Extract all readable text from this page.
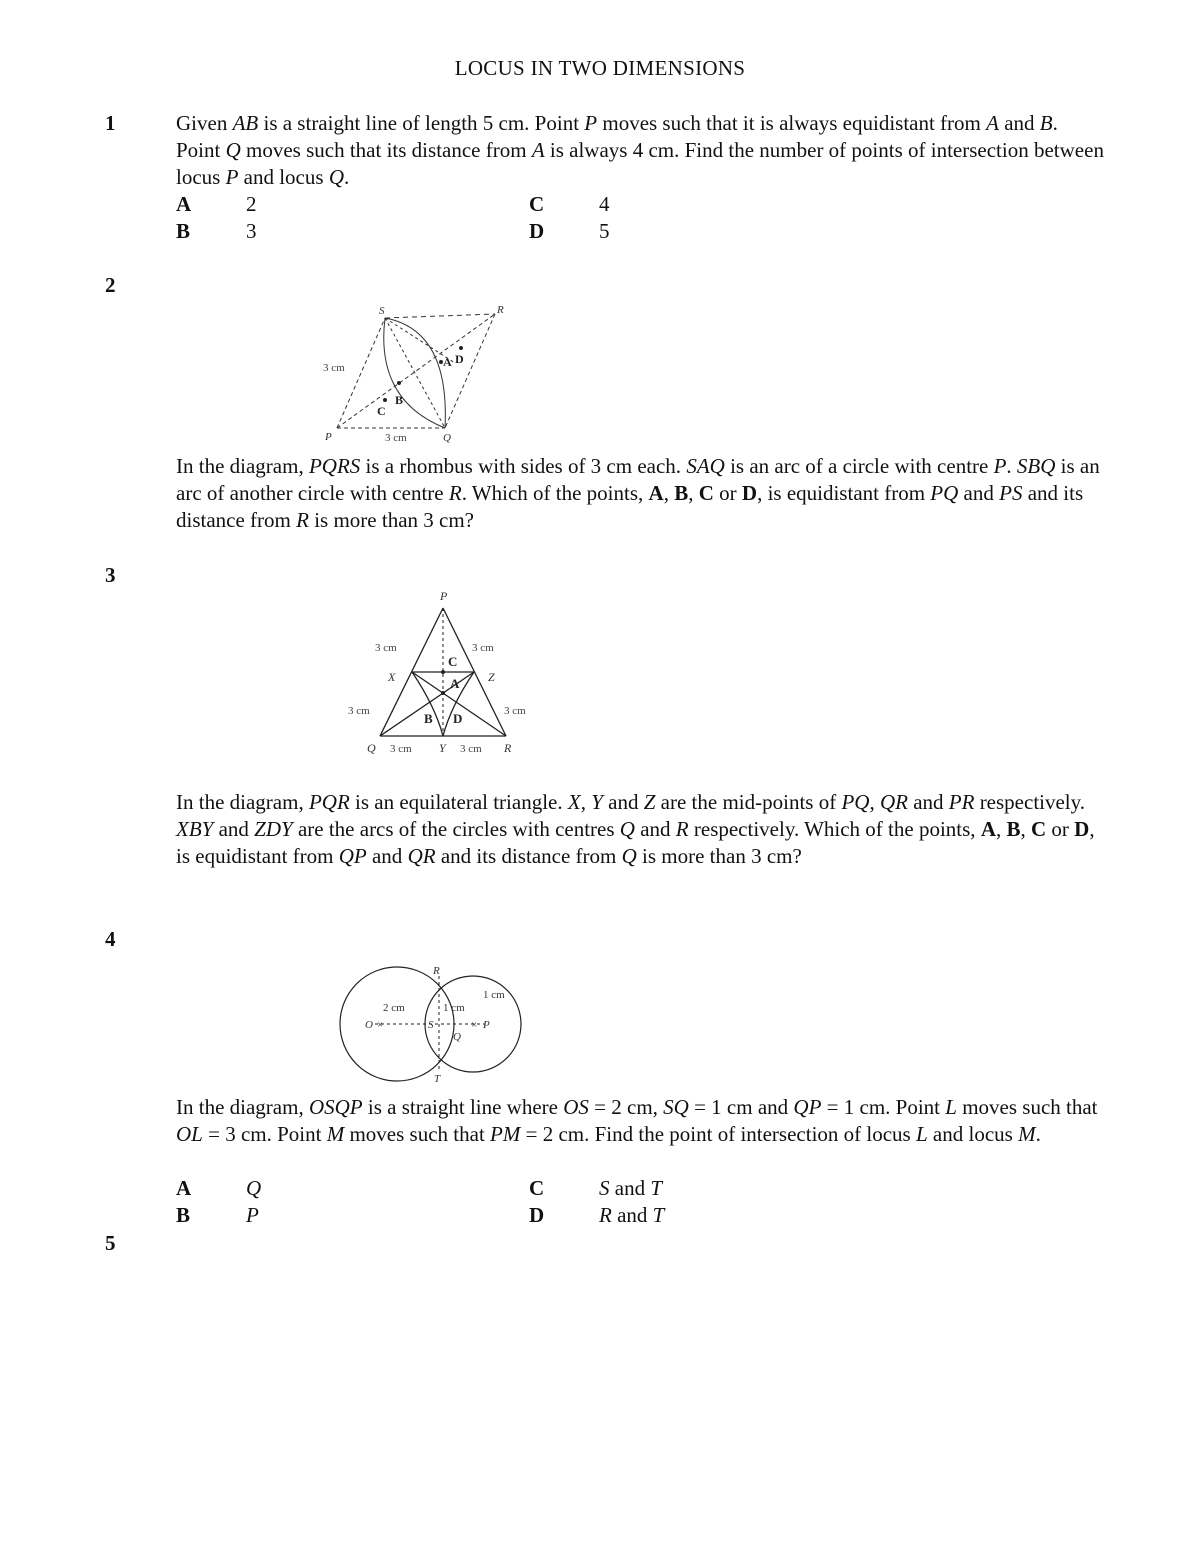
LOCUS IN TWO DIMENSIONS
1	Given AB is a straight line of length 5 cm. Point P moves such that it is always equidistant from A and B. Point Q moves such that its distance from A is always 4 cm. Find the number of points of intersection between locus P and locus Q.

A	2	C	4
B	3	D	5
2
S	R
P	Q
A D
C
B
3 cm
3 cm

In the diagram, PQRS is a rhombus with sides of 3 cm each. SAQ is an arc of a circle with centre P. SBQ is an arc of another circle with centre R. Which of the points, A, B, C or D, is equidistant from PQ and PS and its distance from R is more than 3 cm?

3
P
Q	R
X
Y
Z
C
A
B D
3 cm	3 cm
3 cm	3 cm
3 cm	3 cm

In the diagram, PQR is an equilateral triangle. X, Y and Z are the mid-points of PQ, QR and PR respectively. XBY and ZDY are the arcs of the circles with centres Q and R respectively. Which of the points, A, B, C or D, is equidistant from QP and QR and its distance from Q is more than 3 cm?

4
R
T
O	P
Q
S
2 cm
1 cm
1 cm
×	×

In the diagram, OSQP is a straight line where OS = 2 cm, SQ = 1 cm and QP = 1 cm. Point L moves such that OL = 3 cm. Point M moves such that PM = 2 cm. Find the point of intersection of locus L and locus M.

A	Q	C	S and T
B	P	D	R and T
5
